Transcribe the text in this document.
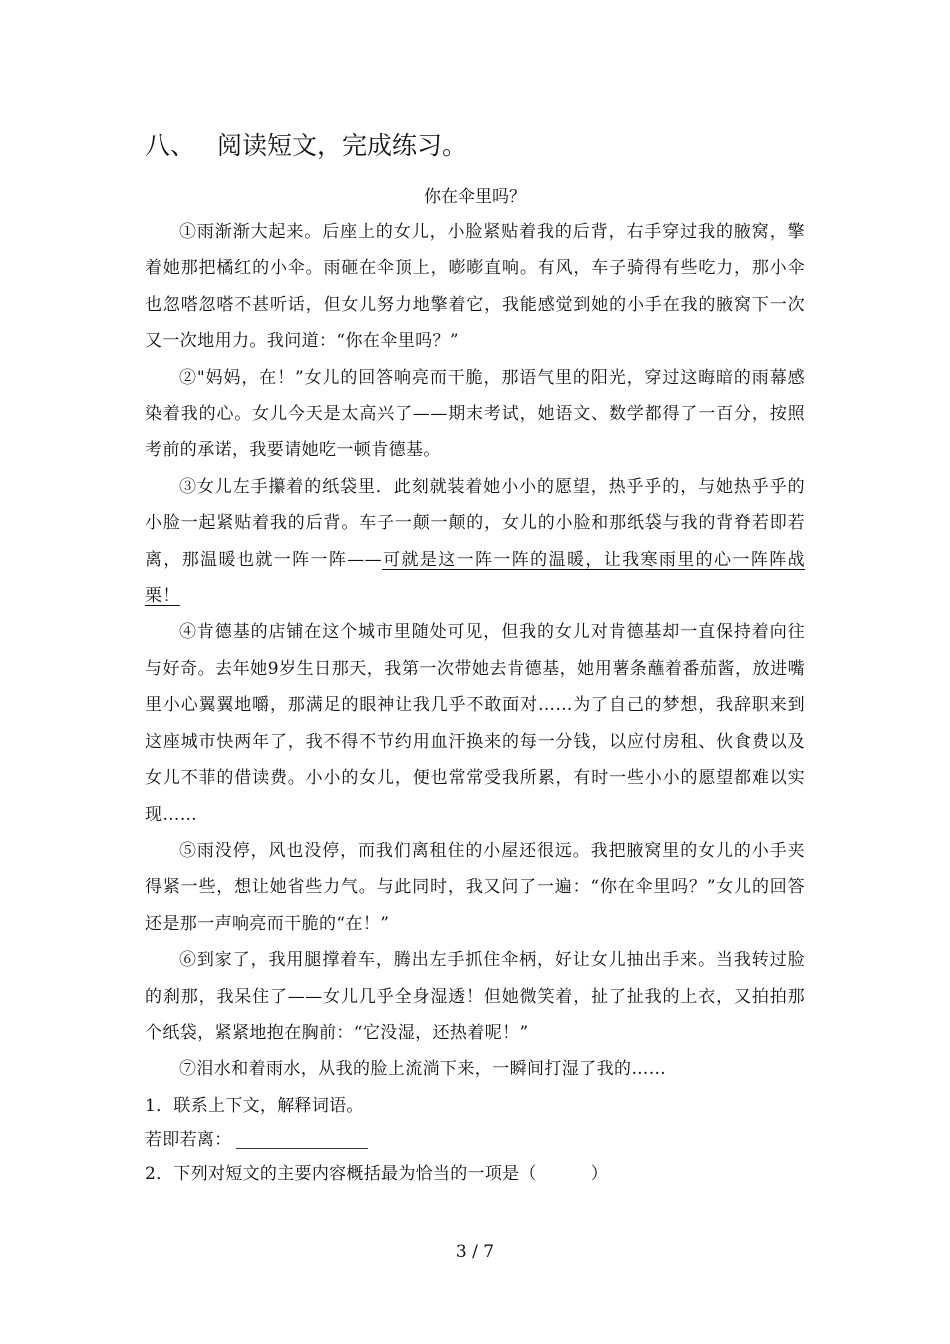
八、 阅读短文，完成练习。
你在伞里吗？

①雨渐渐大起来。后座上的女儿，小脸紧贴着我的后背，右手穿过我的腋窝，擎着她那把橘红的小伞。雨砸在伞顶上，嘭嘭直响。有风，车子骑得有些吃力，那小伞也忽嗒忽嗒不甚听话，但女儿努力地擎着它，我能感觉到她的小手在我的腋窝下一次又一次地用力。我问道：“你在伞里吗？”

②"妈妈，在！”女儿的回答响亮而干脆，那语气里的阳光，穿过这晦暗的雨幕感染着我的心。女儿今天是太高兴了——期末考试，她语文、数学都得了一百分，按照考前的承诺，我要请她吃一顿肯德基。

③女儿左手攥着的纸袋里．此刻就装着她小小的愿望，热乎乎的，与她热乎乎的小脸一起紧贴着我的后背。车子一颠一颠的，女儿的小脸和那纸袋与我的背脊若即若离，那温暖也就一阵一阵——可就是这一阵一阵的温暖，让我寒雨里的心一阵阵战栗！

④肯德基的店铺在这个城市里随处可见，但我的女儿对肯德基却一直保持着向往与好奇。去年她9岁生日那天，我第一次带她去肯德基，她用薯条蘸着番茄酱，放进嘴里小心翼翼地嚼，那满足的眼神让我几乎不敢面对……为了自己的梦想，我辞职来到这座城市快两年了，我不得不节约用血汗换来的每一分钱，以应付房租、伙食费以及女儿不菲的借读费。小小的女儿，便也常常受我所累，有时一些小小的愿望都难以实现……

⑤雨没停，风也没停，而我们离租住的小屋还很远。我把腋窝里的女儿的小手夹得紧一些，想让她省些力气。与此同时，我又问了一遍：“你在伞里吗？”女儿的回答还是那一声响亮而干脆的“在！”

⑥到家了，我用腿撑着车，腾出左手抓住伞柄，好让女儿抽出手来。当我转过脸的刹那，我呆住了——女儿几乎全身湿透！但她微笑着，扯了扯我的上衣，又拍拍那个纸袋，紧紧地抱在胸前：“它没湿，还热着呢！”

⑦泪水和着雨水，从我的脸上流淌下来，一瞬间打湿了我的……

1．联系上下文，解释词语。
若即若离：
2．下列对短文的主要内容概括最为恰当的一项是（	）
3 / 7
